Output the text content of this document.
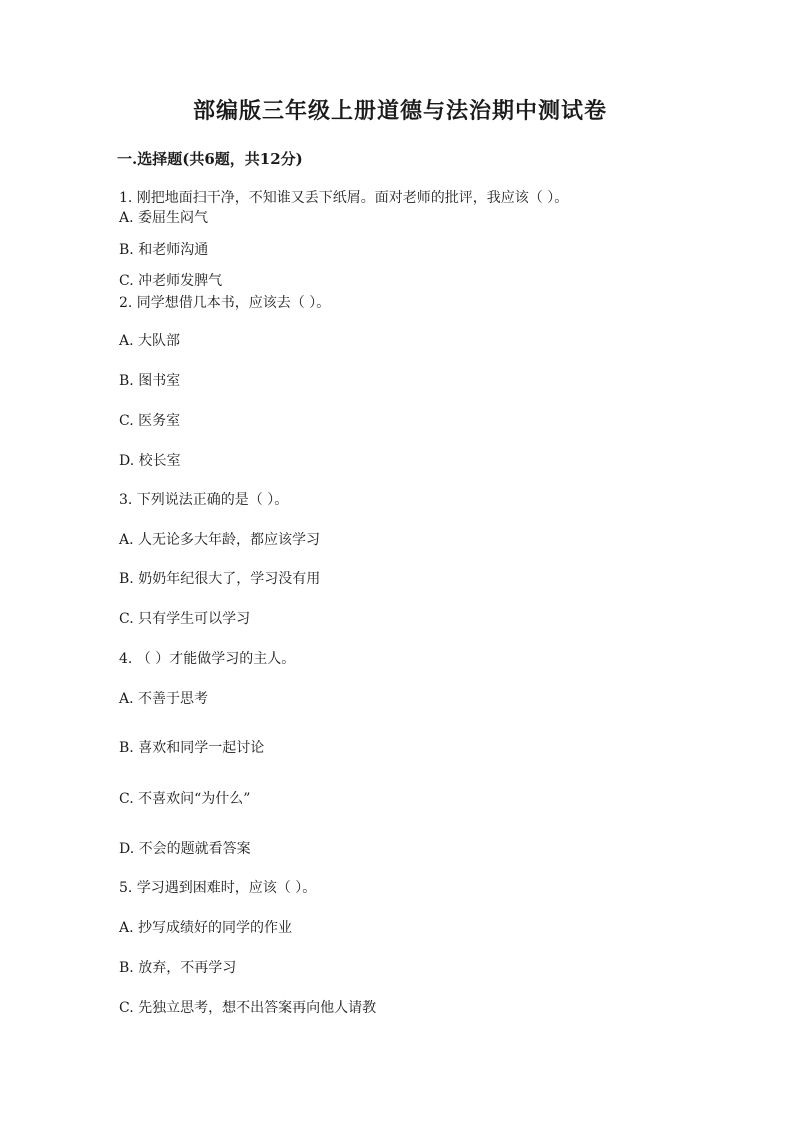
部编版三年级上册道德与法治期中测试卷
一.选择题(共6题，共12分)
1. 刚把地面扫干净，不知谁又丢下纸屑。面对老师的批评，我应该（ ）。
A. 委屈生闷气
B. 和老师沟通
C. 冲老师发脾气
2. 同学想借几本书，应该去（ ）。
A. 大队部
B. 图书室
C. 医务室
D. 校长室
3. 下列说法正确的是（ ）。
A. 人无论多大年龄，都应该学习
B. 奶奶年纪很大了，学习没有用
C. 只有学生可以学习
4. （ ）才能做学习的主人。
A. 不善于思考
B. 喜欢和同学一起讨论
C. 不喜欢问“为什么”
D. 不会的题就看答案
5. 学习遇到困难时，应该（ ）。
A. 抄写成绩好的同学的作业
B. 放弃，不再学习
C. 先独立思考，想不出答案再向他人请教
